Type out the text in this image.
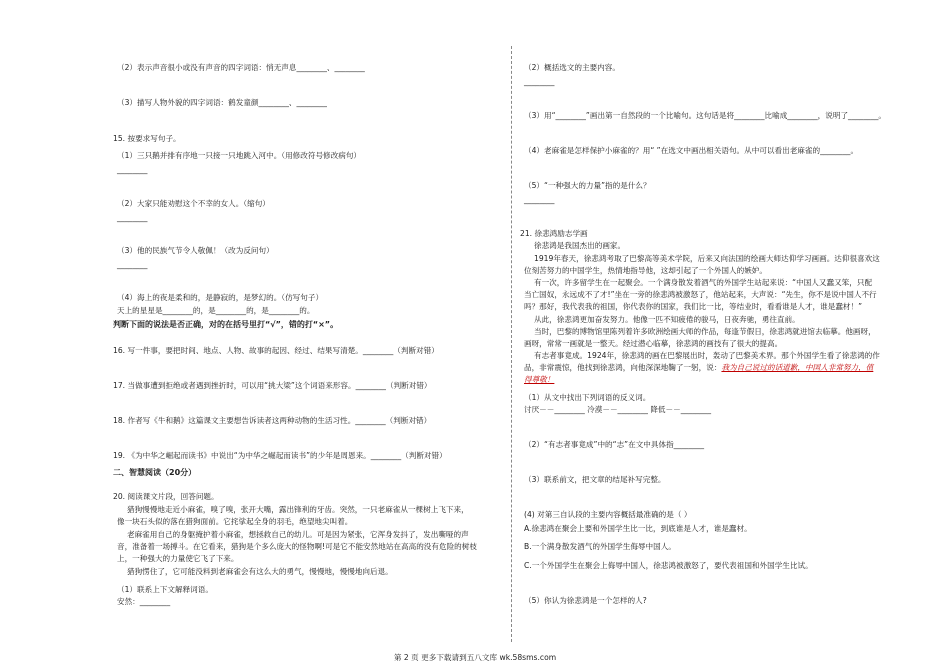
（2）表示声音很小或没有声音的四字词语：悄无声息________、________
（3）描写人物外貌的四字词语：鹤发童颜________、________
15. 按要求写句子。
（1）三只鹅并排有序地一只接一只地跳入河中。（用修改符号修改病句）
________
（2）大家只能劝慰这个不幸的女人。（缩句）
________
（3）他的民族气节令人敬佩！（改为反问句）
________
（4）海上的夜是柔和的，是静寂的，是梦幻的。（仿写句子）
天上的星星是________的，是________的，是________的。
判断下面的说法是否正确，对的在括号里打“√”，错的打“×”。
16. 写一件事，要把时间、地点、人物、故事的起因、经过、结果写清楚。________（判断对错）
17. 当做事遭到拒绝或者遇到挫折时，可以用“挑大梁”这个词语来形容。________（判断对错）
18. 作者写《牛和鹅》这篇课文主要想告诉读者这两种动物的生活习性。________（判断对错）
19. 《为中华之崛起而读书》中说出“为中华之崛起而读书”的少年是周恩来。________（判断对错）
二、智慧阅读（20分）
20. 阅读课文片段，回答问题。
猎狗慢慢地走近小麻雀，嗅了嗅，张开大嘴，露出锋利的牙齿。突然，一只老麻雀从一棵树上飞下来，
像一块石头似的落在猎狗面前。它挓挲起全身的羽毛，绝望地尖叫着。
老麻雀用自己的身躯掩护着小麻雀，想拯救自己的幼儿。可是因为紧张，它浑身发抖了，发出嘶哑的声
音，准备着一场搏斗。在它看来，猎狗是个多么庞大的怪物啊!可是它不能安然地站在高高的没有危险的树枝
上，一种强大的力量使它飞了下来。
猎狗愣住了，它可能没料到老麻雀会有这么大的勇气，慢慢地，慢慢地向后退。
（1）联系上下文解释词语。
安然：________
（2）概括选文的主要内容。
________
（3）用“________”画出第一自然段的一个比喻句。这句话是将________比喻成________，说明了________。
（4）老麻雀是怎样保护小麻雀的？用“ ”在选文中画出相关语句。从中可以看出老麻雀的________。
（5）“一种强大的力量”指的是什么？
________
21. 徐悲鸿励志学画
徐悲鸿是我国杰出的画家。
1919年春天，徐悲鸿考取了巴黎高等美术学院，后来又向法国的绘画大师达仰学习画画。达仰很喜欢这
位刻苦努力的中国学生，热情地指导他，这却引起了一个外国人的嫉妒。
有一次，许多留学生在一起聚会。一个满身散发着酒气的外国学生站起来说：“中国人又蠢又笨，只配
当亡国奴，永远成不了才!”坐在一旁的徐悲鸿被激怒了，他站起来，大声说：“先生，你不是说中国人不行
吗？那好，我代表我的祖国，你代表你的国家，我们比一比，等结业时，看看谁是人才，谁是蠢材！”
从此，徐悲鸿更加奋发努力。他像一匹不知疲倦的骏马，日夜奔驰，勇往直前。
当时，巴黎的博物馆里陈列着许多欧洲绘画大师的作品，每逢节假日，徐悲鸿就进馆去临摹。他画呀，
画呀，常常一画就是一整天。经过潜心临摹，徐悲鸿的画技有了很大的提高。
有志者事竟成。1924年，徐悲鸿的画在巴黎展出时，轰动了巴黎美术界。那个外国学生看了徐悲鸿的作
品，非常震惊，他找到徐悲鸿，向他深深地鞠了一躬，说：我为自己说过的话道歉，中国人非常努力，值
得尊敬！
（1）从文中找出下列词语的反义词。
讨厌－－________ 冷漠－－________ 降低－－________
（2）“有志者事竟成”中的“志”在文中具体指________
（3）联系前文，把文章的结尾补写完整。
(4) 对第三自认段的主要内容概括最准确的是（ ）
A.徐悲鸿在聚会上要和外国学生比一比，到底谁是人才，谁是蠢材。
B.一个满身散发酒气的外国学生侮辱中国人。
C.一个外国学生在聚会上侮辱中国人，徐悲鸿被激怒了，要代表祖国和外国学生比试。
（5）你认为徐悲鸿是一个怎样的人?
第 2 页 更多下载请到五八文库 wk.58sms.com
